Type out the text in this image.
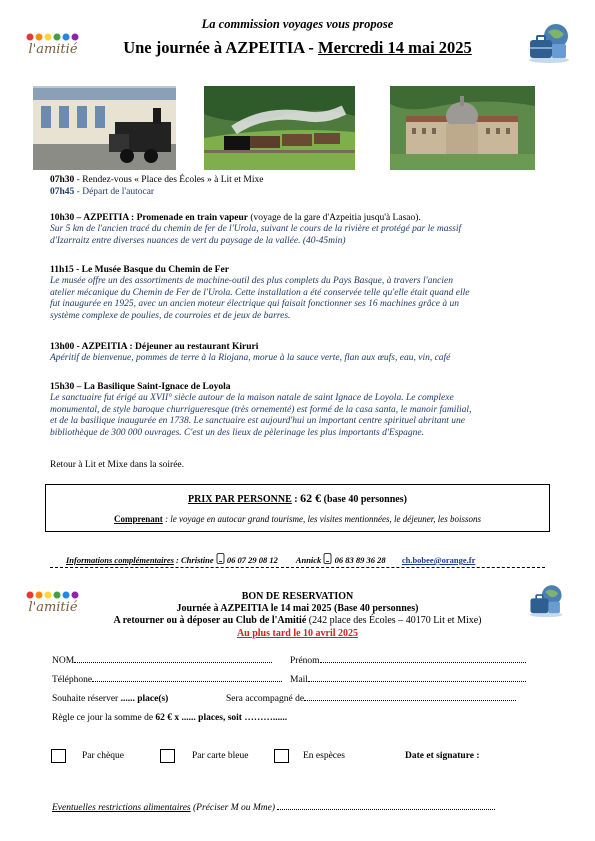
La commission voyages vous propose
Une journée à AZPEITIA - Mercredi 14 mai 2025
l'amitié
07h30 - Rendez-vous « Place des Écoles » à Lit et Mixe
07h45 - Départ de l'autocar
10h30 – AZPEITIA : Promenade en train vapeur (voyage de la gare d'Azpeitia jusqu'à Lasao).
Sur 5 km de l'ancien tracé du chemin de fer de l'Urola, suivant le cours de la rivière et protégé par le massif
d'Izarraitz entre diverses nuances de vert du paysage de la vallée. (40-45min)
11h15 - Le Musée Basque du Chemin de Fer
Le musée offre un des assortiments de machine-outil des plus complets du Pays Basque, à travers l'ancien
atelier mécanique du Chemin de Fer de l'Urola. Cette installation a été conservée telle qu'elle était quand elle
fut inaugurée en 1925, avec un ancien moteur électrique qui faisait fonctionner ses 16 machines grâce à un
système complexe de poulies, de courroies et de jeux de barres.
13h00 - AZPEITIA : Déjeuner au restaurant Kiruri
Apéritif de bienvenue, pommes de terre à la Riojana, morue à la sauce verte, flan aux œufs, eau, vin, café
15h30 – La Basilique Saint-Ignace de Loyola
Le sanctuaire fut érigé au XVII° siècle autour de la maison natale de saint Ignace de Loyola. Le complexe
monumental, de style baroque churrigueresque (très ornementé) est formé de la casa santa, le manoir familial,
et de la basilique inaugurée en 1738. Le sanctuaire est aujourd'hui un important centre spirituel abritant une
bibliothèque de 300 000 ouvrages. C'est un des lieux de pèlerinage les plus importants d'Espagne.
Retour à Lit et Mixe dans la soirée.
PRIX PAR PERSONNE : 62 € (base 40 personnes)
Comprenant : le voyage en autocar grand tourisme, les visites mentionnées, le déjeuner, les boissons
Informations complémentaires : Christine  06 07 29 08 12 Annick  06 83 89 36 28 ch.bobee@orange.fr
l'amitié
BON DE RESERVATION
Journée à AZPEITIA le 14 mai 2025 (Base 40 personnes)
A retourner ou à déposer au Club de l'Amitié (242 place des Écoles – 40170 Lit et Mixe)
Au plus tard le 10 avril 2025
NOM	Prénom
Téléphone	Mail
Souhaite réserver ...... place(s)	Sera accompagné de
Règle ce jour la somme de 62 € x ...... places, soit ………......
Par chèque	Par carte bleue	En espèces	Date et signature :
Eventuelles restrictions alimentaires (Préciser M ou Mme)
